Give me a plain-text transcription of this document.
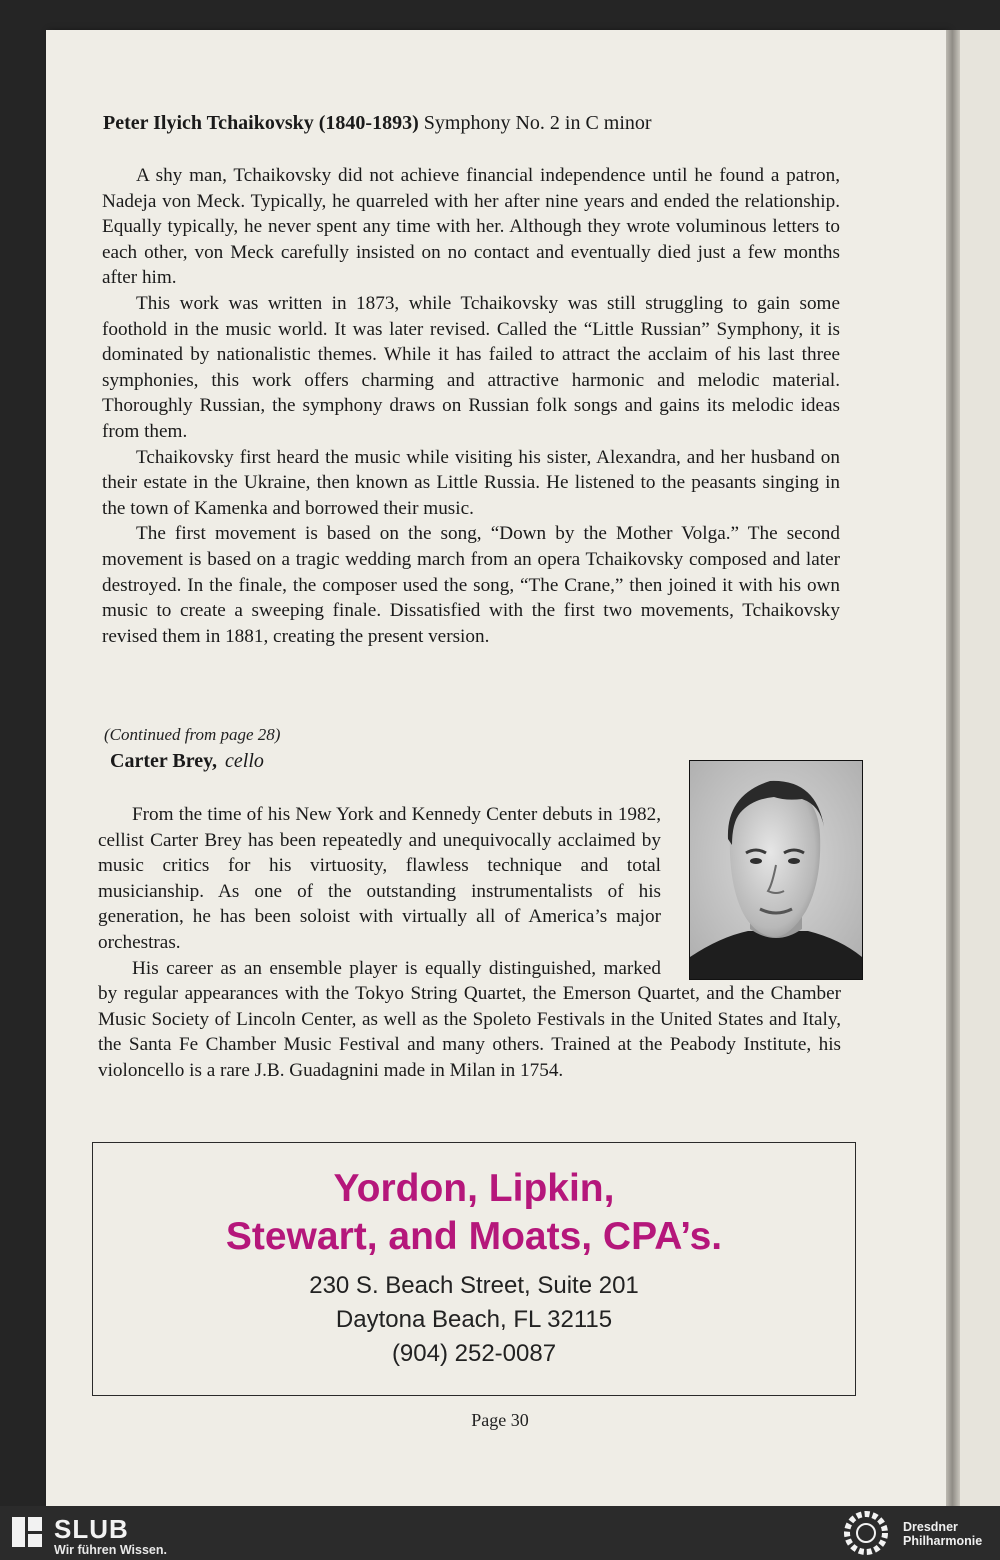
Peter Ilyich Tchaikovsky (1840-1893) Symphony No. 2 in C minor

A shy man, Tchaikovsky did not achieve financial independence until he found a patron, Nadeja von Meck. Typically, he quarreled with her after nine years and ended the relationship. Equally typically, he never spent any time with her. Although they wrote voluminous letters to each other, von Meck carefully insisted on no contact and eventually died just a few months after him.

This work was written in 1873, while Tchaikovsky was still struggling to gain some foothold in the music world. It was later revised. Called the “Little Russian” Symphony, it is dominated by nationalistic themes. While it has failed to attract the acclaim of his last three symphonies, this work offers charming and attractive harmonic and melodic material. Thoroughly Russian, the symphony draws on Russian folk songs and gains its melodic ideas from them.

Tchaikovsky first heard the music while visiting his sister, Alexandra, and her husband on their estate in the Ukraine, then known as Little Russia. He listened to the peasants singing in the town of Kamenka and borrowed their music.

The first movement is based on the song, “Down by the Mother Volga.” The second movement is based on a tragic wedding march from an opera Tchaikovsky composed and later destroyed. In the finale, the composer used the song, “The Crane,” then joined it with his own music to create a sweeping finale. Dissatisfied with the first two movements, Tchaikovsky revised them in 1881, creating the present version.

(Continued from page 28)
Carter Brey, cello

From the time of his New York and Kennedy Center debuts in 1982, cellist Carter Brey has been repeatedly and unequivocally acclaimed by music critics for his virtuosity, flawless technique and total musicianship. As one of the outstanding instrumentalists of his generation, he has been soloist with virtually all of America’s major orchestras.

His career as an ensemble player is equally distinguished, marked by regular appearances with the Tokyo String Quartet, the Emerson Quartet, and the Chamber Music Society of Lincoln Center, as well as the Spoleto Festivals in the United States and Italy, the Santa Fe Chamber Music Festival and many others. Trained at the Peabody Institute, his violoncello is a rare J.B. Guadagnini made in Milan in 1754.

Yordon, Lipkin,
Stewart, and Moats, CPA’s.
230 S. Beach Street, Suite 201
Daytona Beach, FL 32115
(904) 252-0087
Page 30
SLUB
Wir führen Wissen.
Dresdner
Philharmonie
